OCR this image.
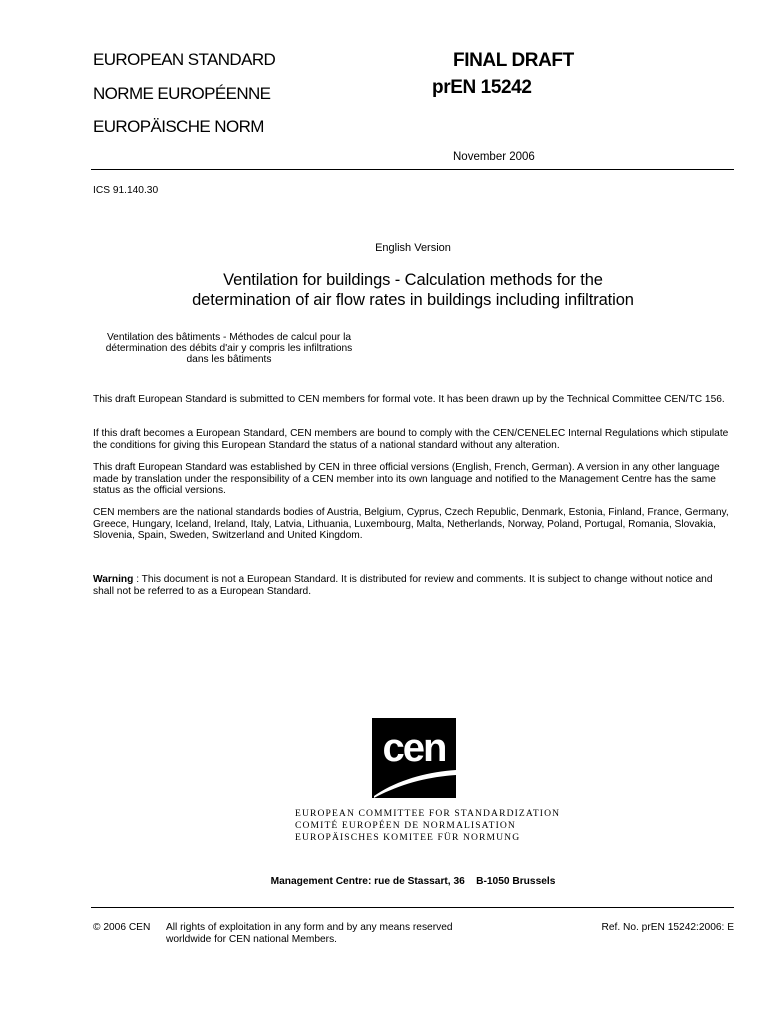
EUROPEAN STANDARD
NORME EUROPÉENNE
EUROPÄISCHE NORM
FINAL DRAFT
prEN 15242
November 2006
ICS 91.140.30
English Version
Ventilation for buildings - Calculation methods for the
determination of air flow rates in buildings including infiltration
Ventilation des bâtiments - Méthodes de calcul pour la
détermination des débits d'air y compris les infiltrations
dans les bâtiments

This draft European Standard is submitted to CEN members for formal vote. It has been drawn up by the Technical Committee CEN/TC 156.

If this draft becomes a European Standard, CEN members are bound to comply with the CEN/CENELEC Internal Regulations which stipulate the conditions for giving this European Standard the status of a national standard without any alteration.

This draft European Standard was established by CEN in three official versions (English, French, German). A version in any other language made by translation under the responsibility of a CEN member into its own language and notified to the Management Centre has the same status as the official versions.

CEN members are the national standards bodies of Austria, Belgium, Cyprus, Czech Republic, Denmark, Estonia, Finland, France, Germany, Greece, Hungary, Iceland, Ireland, Italy, Latvia, Lithuania, Luxembourg, Malta, Netherlands, Norway, Poland, Portugal, Romania, Slovakia, Slovenia, Spain, Sweden, Switzerland and United Kingdom.

Warning : This document is not a European Standard. It is distributed for review and comments. It is subject to change without notice and shall not be referred to as a European Standard.

cen
EUROPEAN COMMITTEE FOR STANDARDIZATION
COMITÉ EUROPÉEN DE NORMALISATION
EUROPÄISCHES KOMITEE FÜR NORMUNG
Management Centre: rue de Stassart, 36    B-1050 Brussels
© 2006 CEN All rights of exploitation in any form and by any means reserved
worldwide for CEN national Members.
Ref. No. prEN 15242:2006: E
